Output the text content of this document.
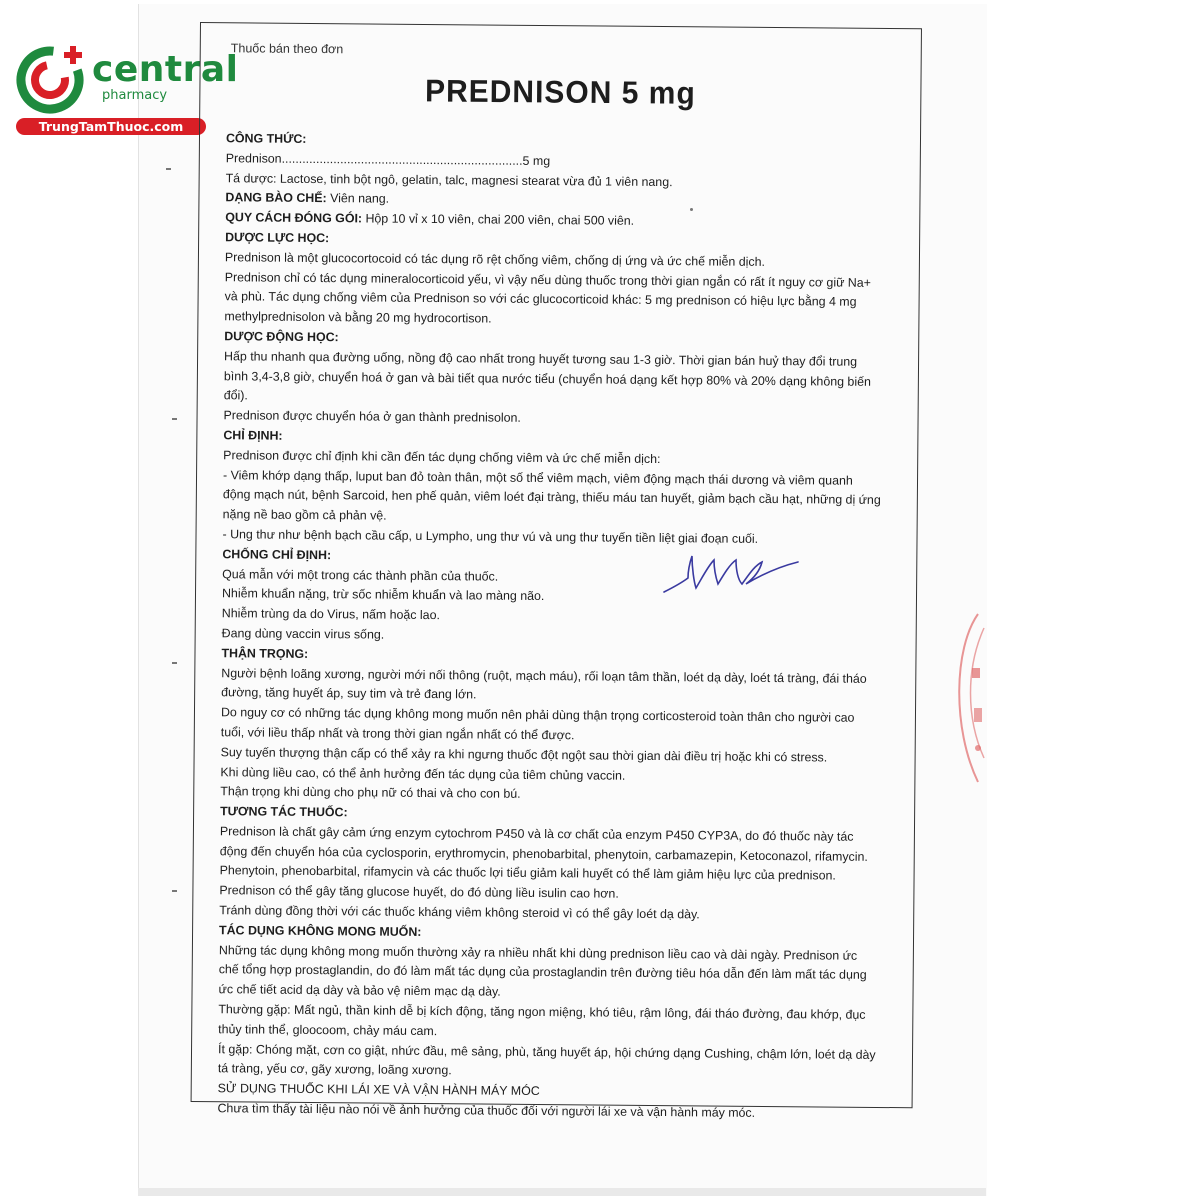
central
pharmacy
TrungTamThuoc.com
Thuốc bán theo đơn
PREDNISON 5 mg

CÔNG THỨC:

Prednison......................................................................5 mg

Tá dược: Lactose, tinh bột ngô, gelatin, talc, magnesi stearat vừa đủ 1 viên nang.

DẠNG BÀO CHẾ: Viên nang.

QUY CÁCH ĐÓNG GÓI: Hộp 10 vỉ x 10 viên, chai 200 viên, chai 500 viên.

DƯỢC LỰC HỌC:

Prednison là một glucocortocoid có tác dụng rõ rệt chống viêm, chống dị ứng và ức chế miễn dịch.

Prednison chỉ có tác dụng mineralocorticoid yếu, vì vậy nếu dùng thuốc trong thời gian ngắn có rất ít nguy cơ giữ Na+ và phù. Tác dụng chống viêm của Prednison so với các glucocorticoid khác: 5 mg prednison có hiệu lực bằng 4 mg methylprednisolon và bằng 20 mg hydrocortison.

DƯỢC ĐỘNG HỌC:

Hấp thu nhanh qua đường uống, nồng độ cao nhất trong huyết tương sau 1-3 giờ. Thời gian bán huỷ thay đổi trung bình 3,4-3,8 giờ, chuyển hoá ở gan và bài tiết qua nước tiểu (chuyển hoá dạng kết hợp 80% và 20% dạng không biến đổi).

Prednison được chuyển hóa ở gan thành prednisolon.

CHỈ ĐỊNH:

Prednison được chỉ định khi cần đến tác dụng chống viêm và ức chế miễn dịch:

- Viêm khớp dạng thấp, luput ban đỏ toàn thân, một số thể viêm mạch, viêm động mạch thái dương và viêm quanh động mạch nút, bệnh Sarcoid, hen phế quản, viêm loét đại tràng, thiếu máu tan huyết, giảm bạch cầu hạt, những dị ứng nặng nề bao gồm cả phản vệ.

- Ung thư như bệnh bạch cầu cấp, u Lympho, ung thư vú và ung thư tuyến tiền liệt giai đoạn cuối.

CHỐNG CHỈ ĐỊNH:

Quá mẫn với một trong các thành phần của thuốc.

Nhiễm khuẩn nặng, trừ sốc nhiễm khuẩn và lao màng não.

Nhiễm trùng da do Virus, nấm hoặc lao.

Đang dùng vaccin virus sống.

THẬN TRỌNG:

Người bệnh loãng xương, người mới nối thông (ruột, mạch máu), rối loạn tâm thần, loét dạ dày, loét tá tràng, đái tháo đường, tăng huyết áp, suy tim và trẻ đang lớn.

Do nguy cơ có những tác dụng không mong muốn nên phải dùng thận trọng corticosteroid toàn thân cho người cao tuổi, với liều thấp nhất và trong thời gian ngắn nhất có thể được.

Suy tuyến thượng thận cấp có thể xảy ra khi ngưng thuốc đột ngột sau thời gian dài điều trị hoặc khi có stress.

Khi dùng liều cao, có thể ảnh hưởng đến tác dụng của tiêm chủng vaccin.

Thận trọng khi dùng cho phụ nữ có thai và cho con bú.

TƯƠNG TÁC THUỐC:

Prednison là chất gây cảm ứng enzym cytochrom P450 và là cơ chất của enzym P450 CYP3A, do đó thuốc này tác động đến chuyển hóa của cyclosporin, erythromycin, phenobarbital, phenytoin, carbamazepin, Ketoconazol, rifamycin.

Phenytoin, phenobarbital, rifamycin và các thuốc lợi tiểu giảm kali huyết có thể làm giảm hiệu lực của prednison.

Prednison có thể gây tăng glucose huyết, do đó dùng liều isulin cao hơn.

Tránh dùng đồng thời với các thuốc kháng viêm không steroid vì có thể gây loét dạ dày.

TÁC DỤNG KHÔNG MONG MUỐN:

Những tác dụng không mong muốn thường xảy ra nhiều nhất khi dùng prednison liều cao và dài ngày. Prednison ức chế tổng hợp prostaglandin, do đó làm mất tác dụng của prostaglandin trên đường tiêu hóa dẫn đến làm mất tác dụng ức chế tiết acid dạ dày và bảo vệ niêm mạc dạ dày.

Thường gặp: Mất ngủ, thần kinh dễ bị kích động, tăng ngon miệng, khó tiêu, rậm lông, đái tháo đường, đau khớp, đục thủy tinh thể, gloocoom, chảy máu cam.

Ít gặp: Chóng mặt, cơn co giật, nhức đầu, mê sảng, phù, tăng huyết áp, hội chứng dạng Cushing, chậm lớn, loét dạ dày tá tràng, yếu cơ, gãy xương, loãng xương.

SỬ DỤNG THUỐC KHI LÁI XE VÀ VẬN HÀNH MÁY MÓC

Chưa tìm thấy tài liệu nào nói về ảnh hưởng của thuốc đối với người lái xe và vận hành máy móc.
